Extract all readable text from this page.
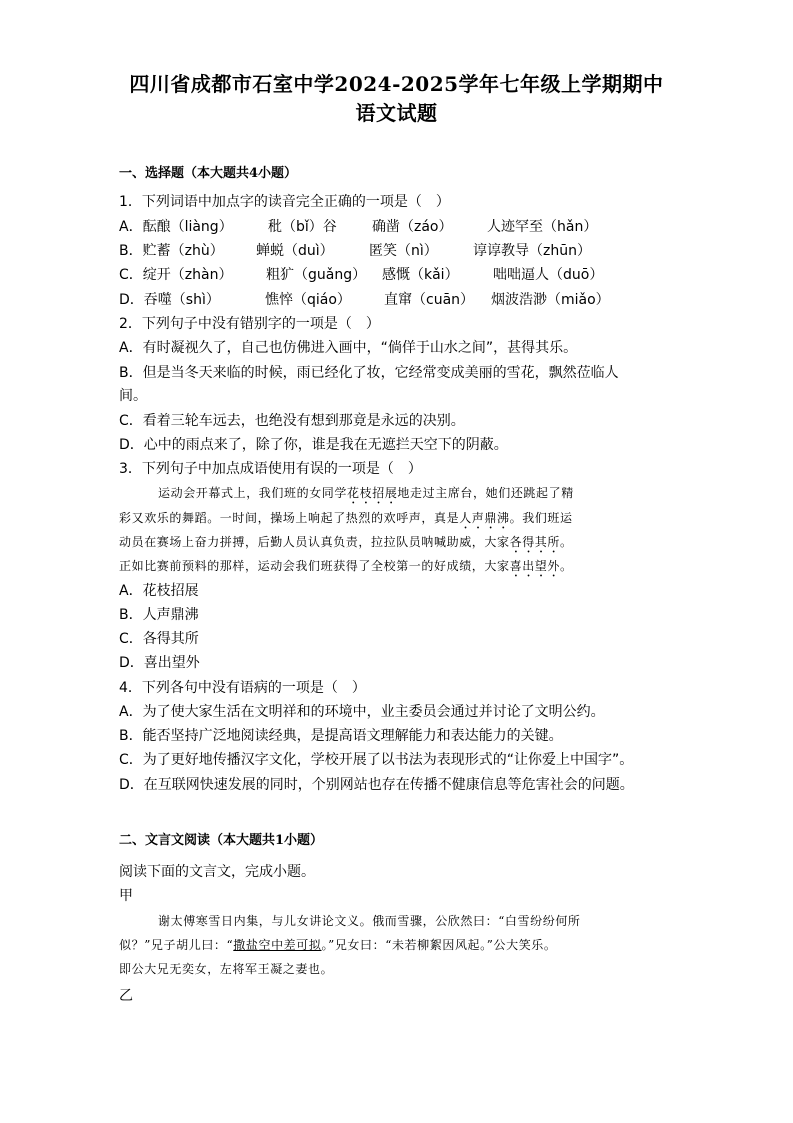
四川省成都市石室中学2024-2025学年七年级上学期期中
语文试题
一、选择题（本大题共4小题）
1．下列词语中加点字的读音完全正确的一项是（　）
A．酝酿（liàng）	秕（bǐ）谷	确凿（záo） 人迹罕至（hǎn）
B．贮蓄（zhù） 蝉蜕（duì）	匿笑（nì）	谆谆教导（zhūn）
C．绽开（zhàn） 粗犷（guǎng） 感慨（kǎi） 咄咄逼人（duō）
D．吞噬（shì）	憔悴（qiáo） 直窜（cuān） 烟波浩渺（miǎo）
2．下列句子中没有错别字的一项是（　）
A．有时凝视久了，自己也仿佛进入画中，“倘佯于山水之间”，甚得其乐。
B．但是当冬天来临的时候，雨已经化了妆，它经常变成美丽的雪花，飘然莅临人
间。
C．看着三轮车远去，也绝没有想到那竟是永远的决别。
D．心中的雨点来了，除了你，谁是我在无遮拦天空下的阴蔽。
3．下列句子中加点成语使用有误的一项是（　）
运动会开幕式上，我们班的女同学花枝招展地走过主席台，她们还跳起了精
彩又欢乐的舞蹈。一时间，操场上响起了热烈的欢呼声，真是人声鼎沸。我们班运
动员在赛场上奋力拼搏，后勤人员认真负责，拉拉队员呐喊助威，大家各得其所。
正如比赛前预料的那样，运动会我们班获得了全校第一的好成绩，大家喜出望外。
A．花枝招展
B．人声鼎沸
C．各得其所
D．喜出望外
4．下列各句中没有语病的一项是（　）
A．为了使大家生活在文明祥和的环境中，业主委员会通过并讨论了文明公约。
B．能否坚持广泛地阅读经典，是提高语文理解能力和表达能力的关键。
C．为了更好地传播汉字文化，学校开展了以书法为表现形式的“让你爱上中国字”。
D．在互联网快速发展的同时，个别网站也存在传播不健康信息等危害社会的问题。
二、文言文阅读（本大题共1小题）
阅读下面的文言文，完成小题。
甲
谢太傅寒雪日内集，与儿女讲论文义。俄而雪骤，公欣然曰：“白雪纷纷何所
似？”兄子胡儿曰：“撒盐空中差可拟。”兄女曰：“未若柳絮因风起。”公大笑乐。
即公大兄无奕女，左将军王凝之妻也。
乙
